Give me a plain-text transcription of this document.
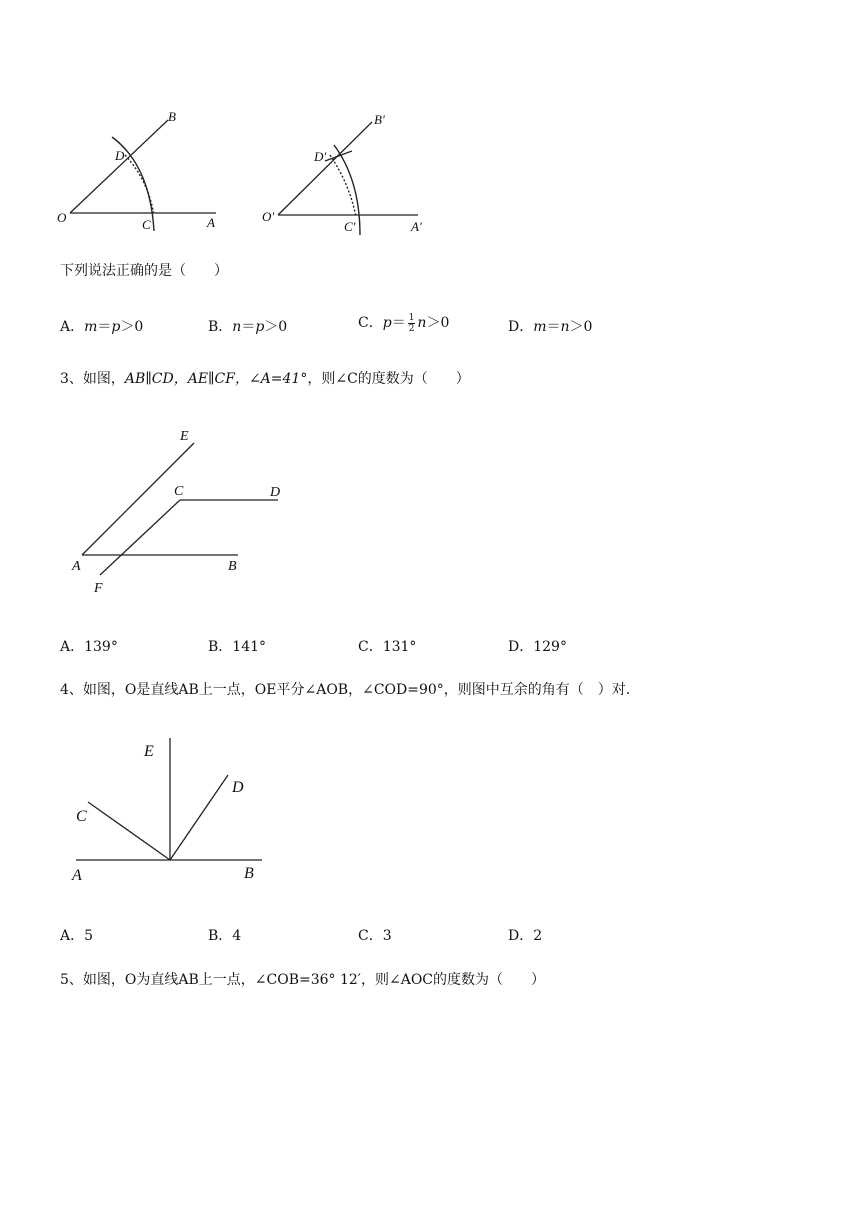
B
D
O	C	A
B′
D′
O′
C′	A′
下列说法正确的是（　　）
A．m＝p＞0	B．n＝p＞0	C．$p= \frac{1}{2} n>0$	D．m＝n＞0
3、如图，AB∥CD，AE∥CF，∠A=41°，则∠C的度数为（　　）
E
C	D
A	B
F
A．139°	B．141°	C．131°	D．129°
4、如图，O是直线AB上一点，OE平分∠AOB，∠COD=90°，则图中互余的角有（　）对．
E
D
C
A	B
A．5	B．4	C．3	D．2
5、如图，O为直线AB上一点，∠COB=36° 12′，则∠AOC的度数为（　　）
